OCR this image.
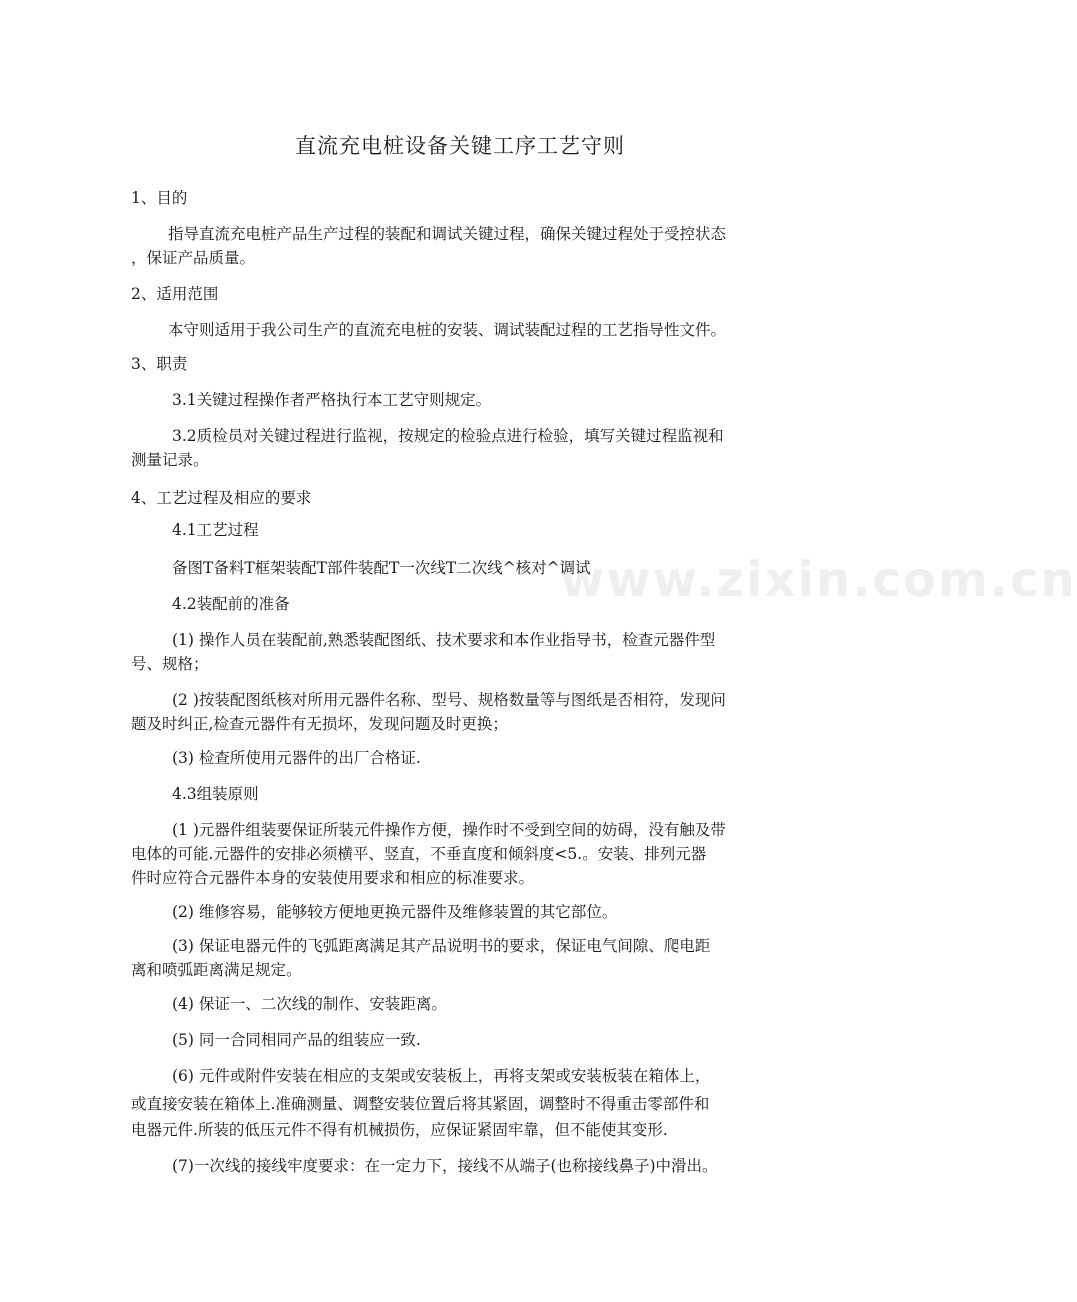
www.zixin.com.cn
直流充电桩设备关键工序工艺守则
1、目的
指导直流充电桩产品生产过程的装配和调试关键过程，确保关键过程处于受控状态
，保证产品质量。
2、适用范围
本守则适用于我公司生产的直流充电桩的安装、调试装配过程的工艺指导性文件。
3、职责
3.1关键过程操作者严格执行本工艺守则规定。
3.2质检员对关键过程进行监视，按规定的检验点进行检验，填写关键过程监视和
测量记录。
4、工艺过程及相应的要求
4.1工艺过程
备图T备料T框架装配T部件装配T一次线T二次线^核对^调试
4.2装配前的准备
(1) 操作人员在装配前,熟悉装配图纸、技术要求和本作业指导书，检查元器件型
号、规格；
(2 )按装配图纸核对所用元器件名称、型号、规格数量等与图纸是否相符，发现问
题及时纠正,检查元器件有无损坏，发现问题及时更换；
(3) 检查所使用元器件的出厂合格证.
4.3组装原则
(1 )元器件组装要保证所装元件操作方便，操作时不受到空间的妨碍，没有触及带
电体的可能.元器件的安排必须横平、竖直，不垂直度和倾斜度<5.。安装、排列元器
件时应符合元器件本身的安装使用要求和相应的标准要求。
(2) 维修容易，能够较方便地更换元器件及维修装置的其它部位。
(3) 保证电器元件的飞弧距离满足其产品说明书的要求，保证电气间隙、爬电距
离和喷弧距离满足规定。
(4) 保证一、二次线的制作、安装距离。
(5) 同一合同相同产品的组装应一致.
(6) 元件或附件安装在相应的支架或安装板上，再将支架或安装板装在箱体上，
或直接安装在箱体上.准确测量、调整安装位置后将其紧固，调整时不得重击零部件和
电器元件.所装的低压元件不得有机械损伤，应保证紧固牢靠，但不能使其变形.
(7)一次线的接线牢度要求：在一定力下，接线不从端子(也称接线鼻子)中滑出。
